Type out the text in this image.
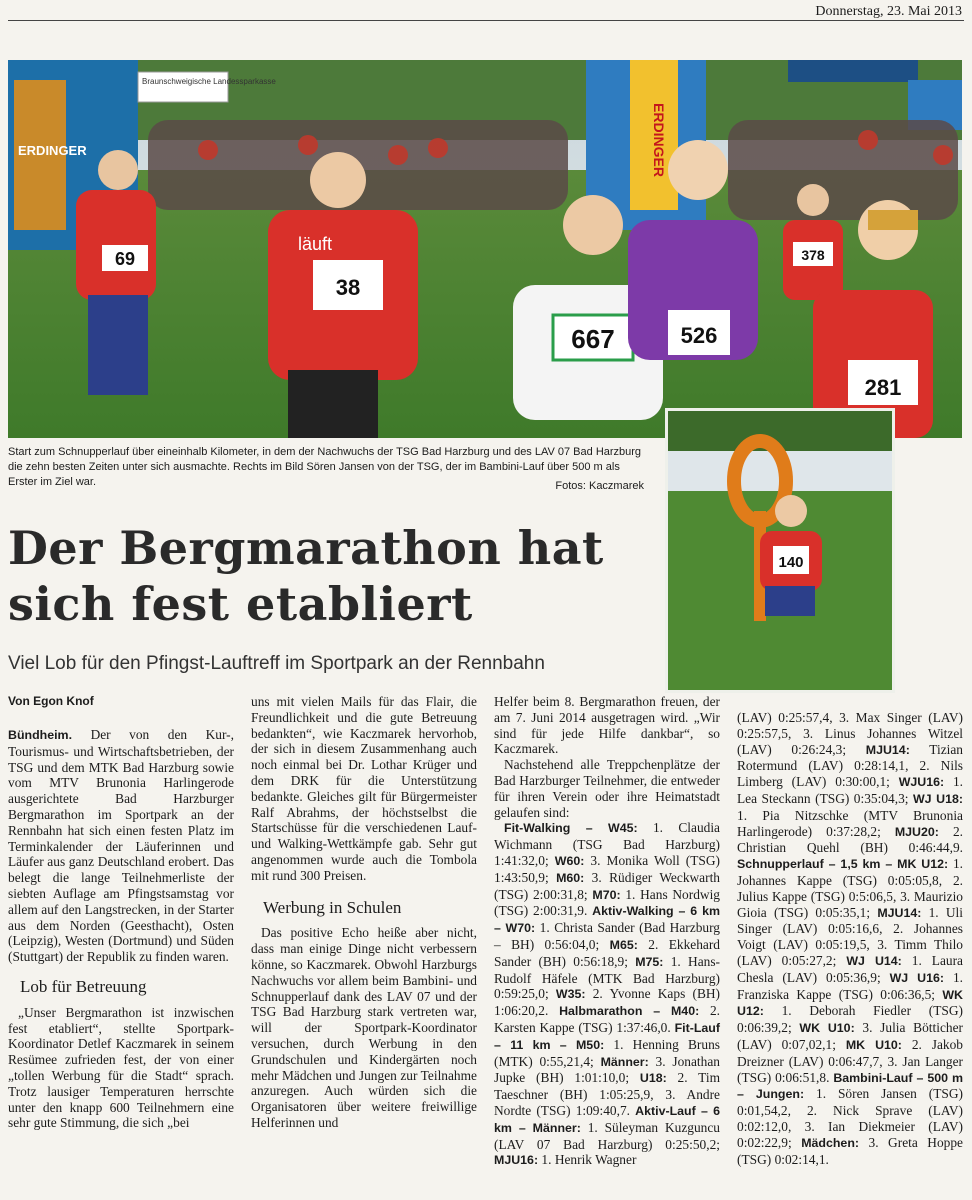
Donnerstag, 23. Mai 2013
ERDINGER
Braunschweigische Landessparkasse
ERDINGER
69
läuft
38
667	526
378
281
140
Start zum Schnupperlauf über eineinhalb Kilometer, in dem der Nachwuchs der TSG Bad Harzburg und des LAV 07 Bad Harzburg die zehn besten Zeiten unter sich ausmachte. Rechts im Bild Sören Jansen von der TSG, der im Bambini-Lauf über 500 m als Erster im Ziel war.	Fotos: Kaczmarek
Der Bergmarathon hat sich fest etabliert
Viel Lob für den Pfingst-Lauftreff im Sportpark an der Rennbahn
Von Egon Knof

Bündheim. Der von den Kur-, Tourismus- und Wirtschaftsbetrieben, der TSG und dem MTK Bad Harzburg sowie vom MTV Brunonia Harlingerode ausgerichtete Bad Harzburger Bergmarathon im Sportpark an der Rennbahn hat sich einen festen Platz im Terminkalender der Läuferinnen und Läufer aus ganz Deutschland erobert. Das belegt die lange Teilnehmerliste der siebten Auflage am Pfingstsamstag vor allem auf den Langstrecken, in der Starter aus dem Norden (Geesthacht), Osten (Leipzig), Westen (Dortmund) und Süden (Stuttgart) der Republik zu finden waren.

Lob für Betreuung

„Unser Bergmarathon ist inzwischen fest etabliert“, stellte Sportpark-Koordinator Detlef Kaczmarek in seinem Resümee zufrieden fest, der von einer „tollen Werbung für die Stadt“ sprach. Trotz lausiger Temperaturen herrschte unter den knapp 600 Teilnehmern eine sehr gute Stimmung, die sich „bei

uns mit vielen Mails für das Flair, die Freundlichkeit und die gute Betreuung bedankten“, wie Kaczmarek hervorhob, der sich in diesem Zusammenhang auch noch einmal bei Dr. Lothar Krüger und dem DRK für die Unterstützung bedankte. Gleiches gilt für Bürgermeister Ralf Abrahms, der höchstselbst die Startschüsse für die verschiedenen Lauf- und Walking-Wettkämpfe gab. Sehr gut angenommen wurde auch die Tombola mit rund 300 Preisen.

Werbung in Schulen

Das positive Echo heiße aber nicht, dass man einige Dinge nicht verbessern könne, so Kaczmarek. Obwohl Harzburgs Nachwuchs vor allem beim Bambini- und Schnupperlauf dank des LAV 07 und der TSG Bad Harzburg stark vertreten war, will der Sportpark-Koordinator versuchen, durch Werbung in den Grundschulen und Kindergärten noch mehr Mädchen und Jungen zur Teilnahme anzuregen. Auch würden sich die Organisatoren über weitere freiwillige Helferinnen und

Helfer beim 8. Bergmarathon freuen, der am 7. Juni 2014 ausgetragen wird. „Wir sind für jede Hilfe dankbar“, so Kaczmarek.

Nachstehend alle Treppchenplätze der Bad Harzburger Teilnehmer, die entweder für ihren Verein oder ihre Heimatstadt gelaufen sind:

Fit-Walking – W45: 1. Claudia Wichmann (TSG Bad Harzburg) 1:41:32,0; W60: 3. Monika Woll (TSG) 1:43:50,9; M60: 3. Rüdiger Weckwarth (TSG) 2:00:31,8; M70: 1. Hans Nordwig (TSG) 2:00:31,9. Aktiv-Walking – 6 km – W70: 1. Christa Sander (Bad Harzburg – BH) 0:56:04,0; M65: 2. Ekkehard Sander (BH) 0:56:18,9; M75: 1. Hans-Rudolf Häfele (MTK Bad Harzburg) 0:59:25,0; W35: 2. Yvonne Kaps (BH) 1:06:20,2. Halbmarathon – M40: 2. Karsten Kappe (TSG) 1:37:46,0. Fit-Lauf – 11 km – M50: 1. Henning Bruns (MTK) 0:55,21,4; Männer: 3. Jonathan Jupke (BH) 1:01:10,0; U18: 2. Tim Taeschner (BH) 1:05:25,9, 3. Andre Nordte (TSG) 1:09:40,7. Aktiv-Lauf – 6 km – Männer: 1. Süleyman Kuzguncu (LAV 07 Bad Harzburg) 0:25:50,2; MJU16: 1. Henrik Wagner

(LAV) 0:25:57,4, 3. Max Singer (LAV) 0:25:57,5, 3. Linus Johannes Witzel (LAV) 0:26:24,3; MJU14: Tizian Rotermund (LAV) 0:28:14,1, 2. Nils Limberg (LAV) 0:30:00,1; WJU16: 1. Lea Steckann (TSG) 0:35:04,3; WJ U18: 1. Pia Nitzschke (MTV Brunonia Harlingerode) 0:37:28,2; MJU20: 2. Christian Quehl (BH) 0:46:44,9. Schnupperlauf – 1,5 km – MK U12: 1. Johannes Kappe (TSG) 0:05:05,8, 2. Julius Kappe (TSG) 0:5:06,5, 3. Maurizio Gioia (TSG) 0:05:35,1; MJU14: 1. Uli Singer (LAV) 0:05:16,6, 2. Johannes Voigt (LAV) 0:05:19,5, 3. Timm Thilo (LAV) 0:05:27,2; WJ U14: 1. Laura Chesla (LAV) 0:05:36,9; WJ U16: 1. Franziska Kappe (TSG) 0:06:36,5; WK U12: 1. Deborah Fiedler (TSG) 0:06:39,2; WK U10: 3. Julia Bötticher (LAV) 0:07,02,1; MK U10: 2. Jakob Dreizner (LAV) 0:06:47,7, 3. Jan Langer (TSG) 0:06:51,8. Bambini-Lauf – 500 m – Jungen: 1. Sören Jansen (TSG) 0:01,54,2, 2. Nick Sprave (LAV) 0:02:12,0, 3. Ian Diekmeier (LAV) 0:02:22,9; Mädchen: 3. Greta Hoppe (TSG) 0:02:14,1.
